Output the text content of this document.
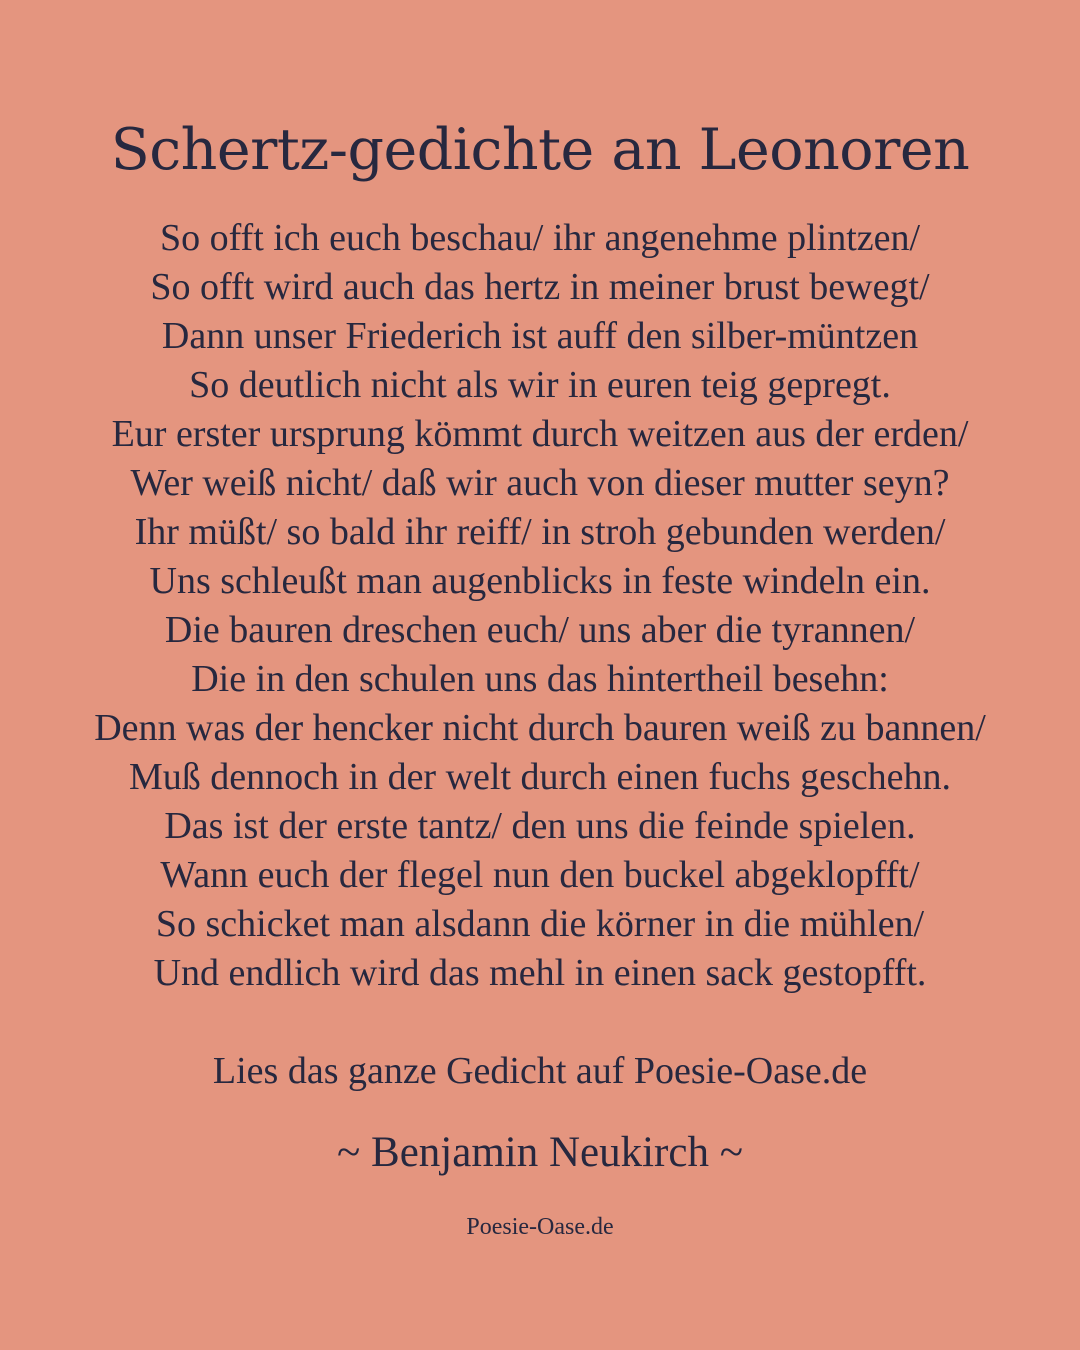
Schertz-gedichte an Leonoren
So offt ich euch beschau/ ihr angenehme plintzen/
So offt wird auch das hertz in meiner brust bewegt/
Dann unser Friederich ist auff den silber-müntzen
So deutlich nicht als wir in euren teig gepregt.
Eur erster ursprung kömmt durch weitzen aus der erden/
Wer weiß nicht/ daß wir auch von dieser mutter seyn?
Ihr müßt/ so bald ihr reiff/ in stroh gebunden werden/
Uns schleußt man augenblicks in feste windeln ein.
Die bauren dreschen euch/ uns aber die tyrannen/
Die in den schulen uns das hintertheil besehn:
Denn was der hencker nicht durch bauren weiß zu bannen/
Muß dennoch in der welt durch einen fuchs geschehn.
Das ist der erste tantz/ den uns die feinde spielen.
Wann euch der flegel nun den buckel abgeklopfft/
So schicket man alsdann die körner in die mühlen/
Und endlich wird das mehl in einen sack gestopfft.
Lies das ganze Gedicht auf Poesie-Oase.de
~ Benjamin Neukirch ~
Poesie-Oase.de
